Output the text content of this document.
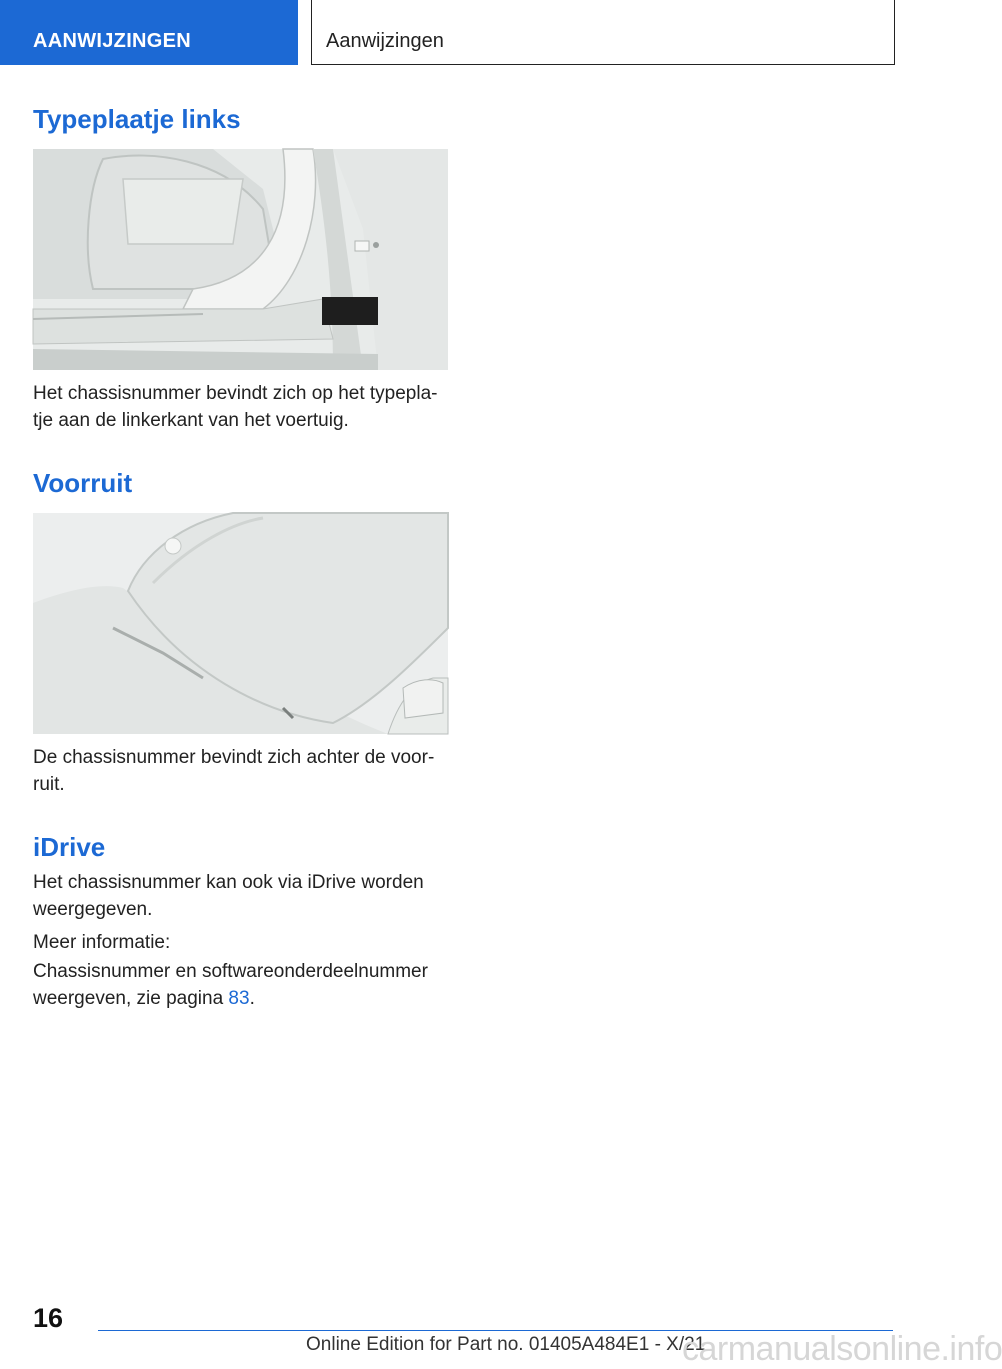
AANWIJZINGEN	Aanwijzingen
Typeplaatje links

Het chassisnummer bevindt zich op het typepla-tje aan de linkerkant van het voertuig.

Voorruit

De chassisnummer bevindt zich achter de voor-ruit.

iDrive

Het chassisnummer kan ook via iDrive worden weergegeven.

Meer informatie:

Chassisnummer en softwareonderdeelnummer weergeven, zie pagina 83.

16
Online Edition for Part no. 01405A484E1 - X/21
carmanualsonline.info
